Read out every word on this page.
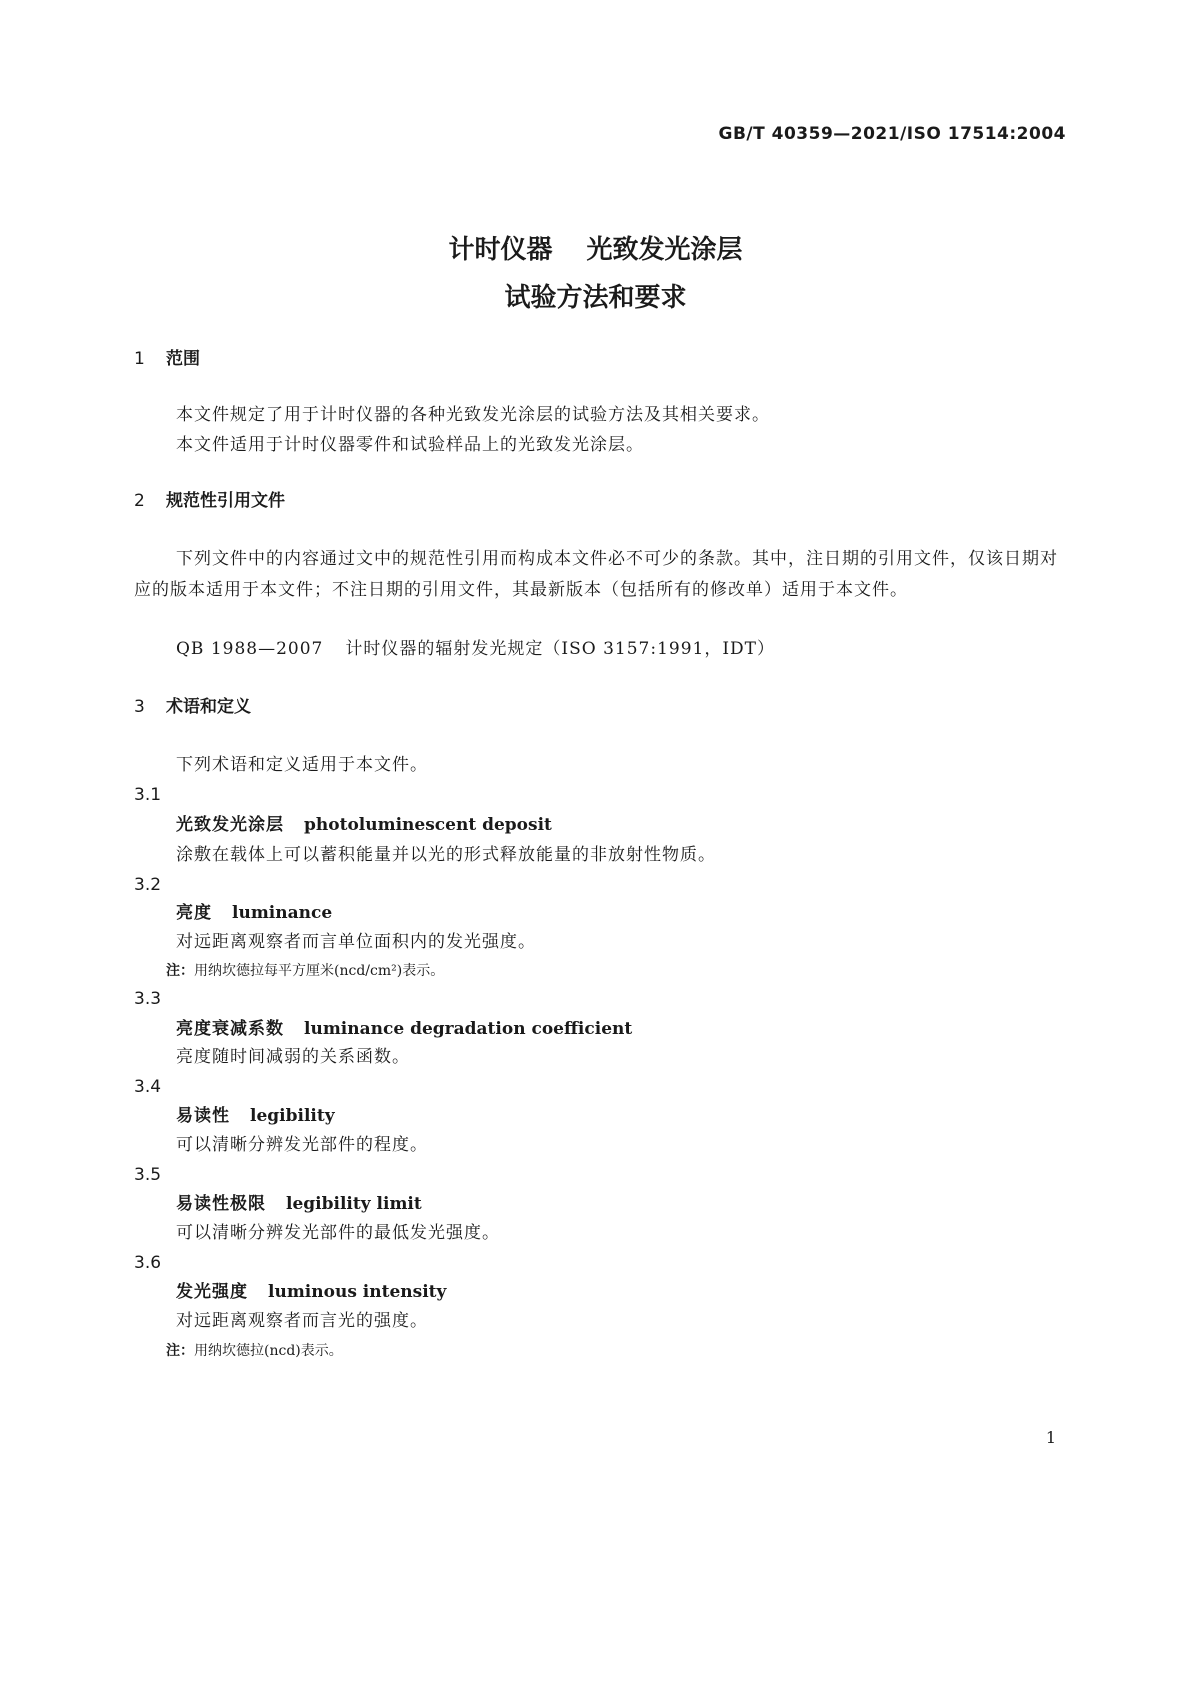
GB/T 40359—2021/ISO 17514:2004
计时仪器 光致发光涂层
试验方法和要求
1 范围
本文件规定了用于计时仪器的各种光致发光涂层的试验方法及其相关要求。
本文件适用于计时仪器零件和试验样品上的光致发光涂层。
2 规范性引用文件
下列文件中的内容通过文中的规范性引用而构成本文件必不可少的条款。其中，注日期的引用文件，仅该日期对应的版本适用于本文件；不注日期的引用文件，其最新版本（包括所有的修改单）适用于本文件。
QB 1988—2007 计时仪器的辐射发光规定（ISO 3157:1991，IDT）
3 术语和定义
下列术语和定义适用于本文件。
3.1
光致发光涂层 photoluminescent deposit
涂敷在载体上可以蓄积能量并以光的形式释放能量的非放射性物质。
3.2
亮度 luminance
对远距离观察者而言单位面积内的发光强度。
注：用纳坎德拉每平方厘米(ncd/cm²)表示。
3.3
亮度衰减系数 luminance degradation coefficient
亮度随时间减弱的关系函数。
3.4
易读性 legibility
可以清晰分辨发光部件的程度。
3.5
易读性极限 legibility limit
可以清晰分辨发光部件的最低发光强度。
3.6
发光强度 luminous intensity
对远距离观察者而言光的强度。
注：用纳坎德拉(ncd)表示。
1
